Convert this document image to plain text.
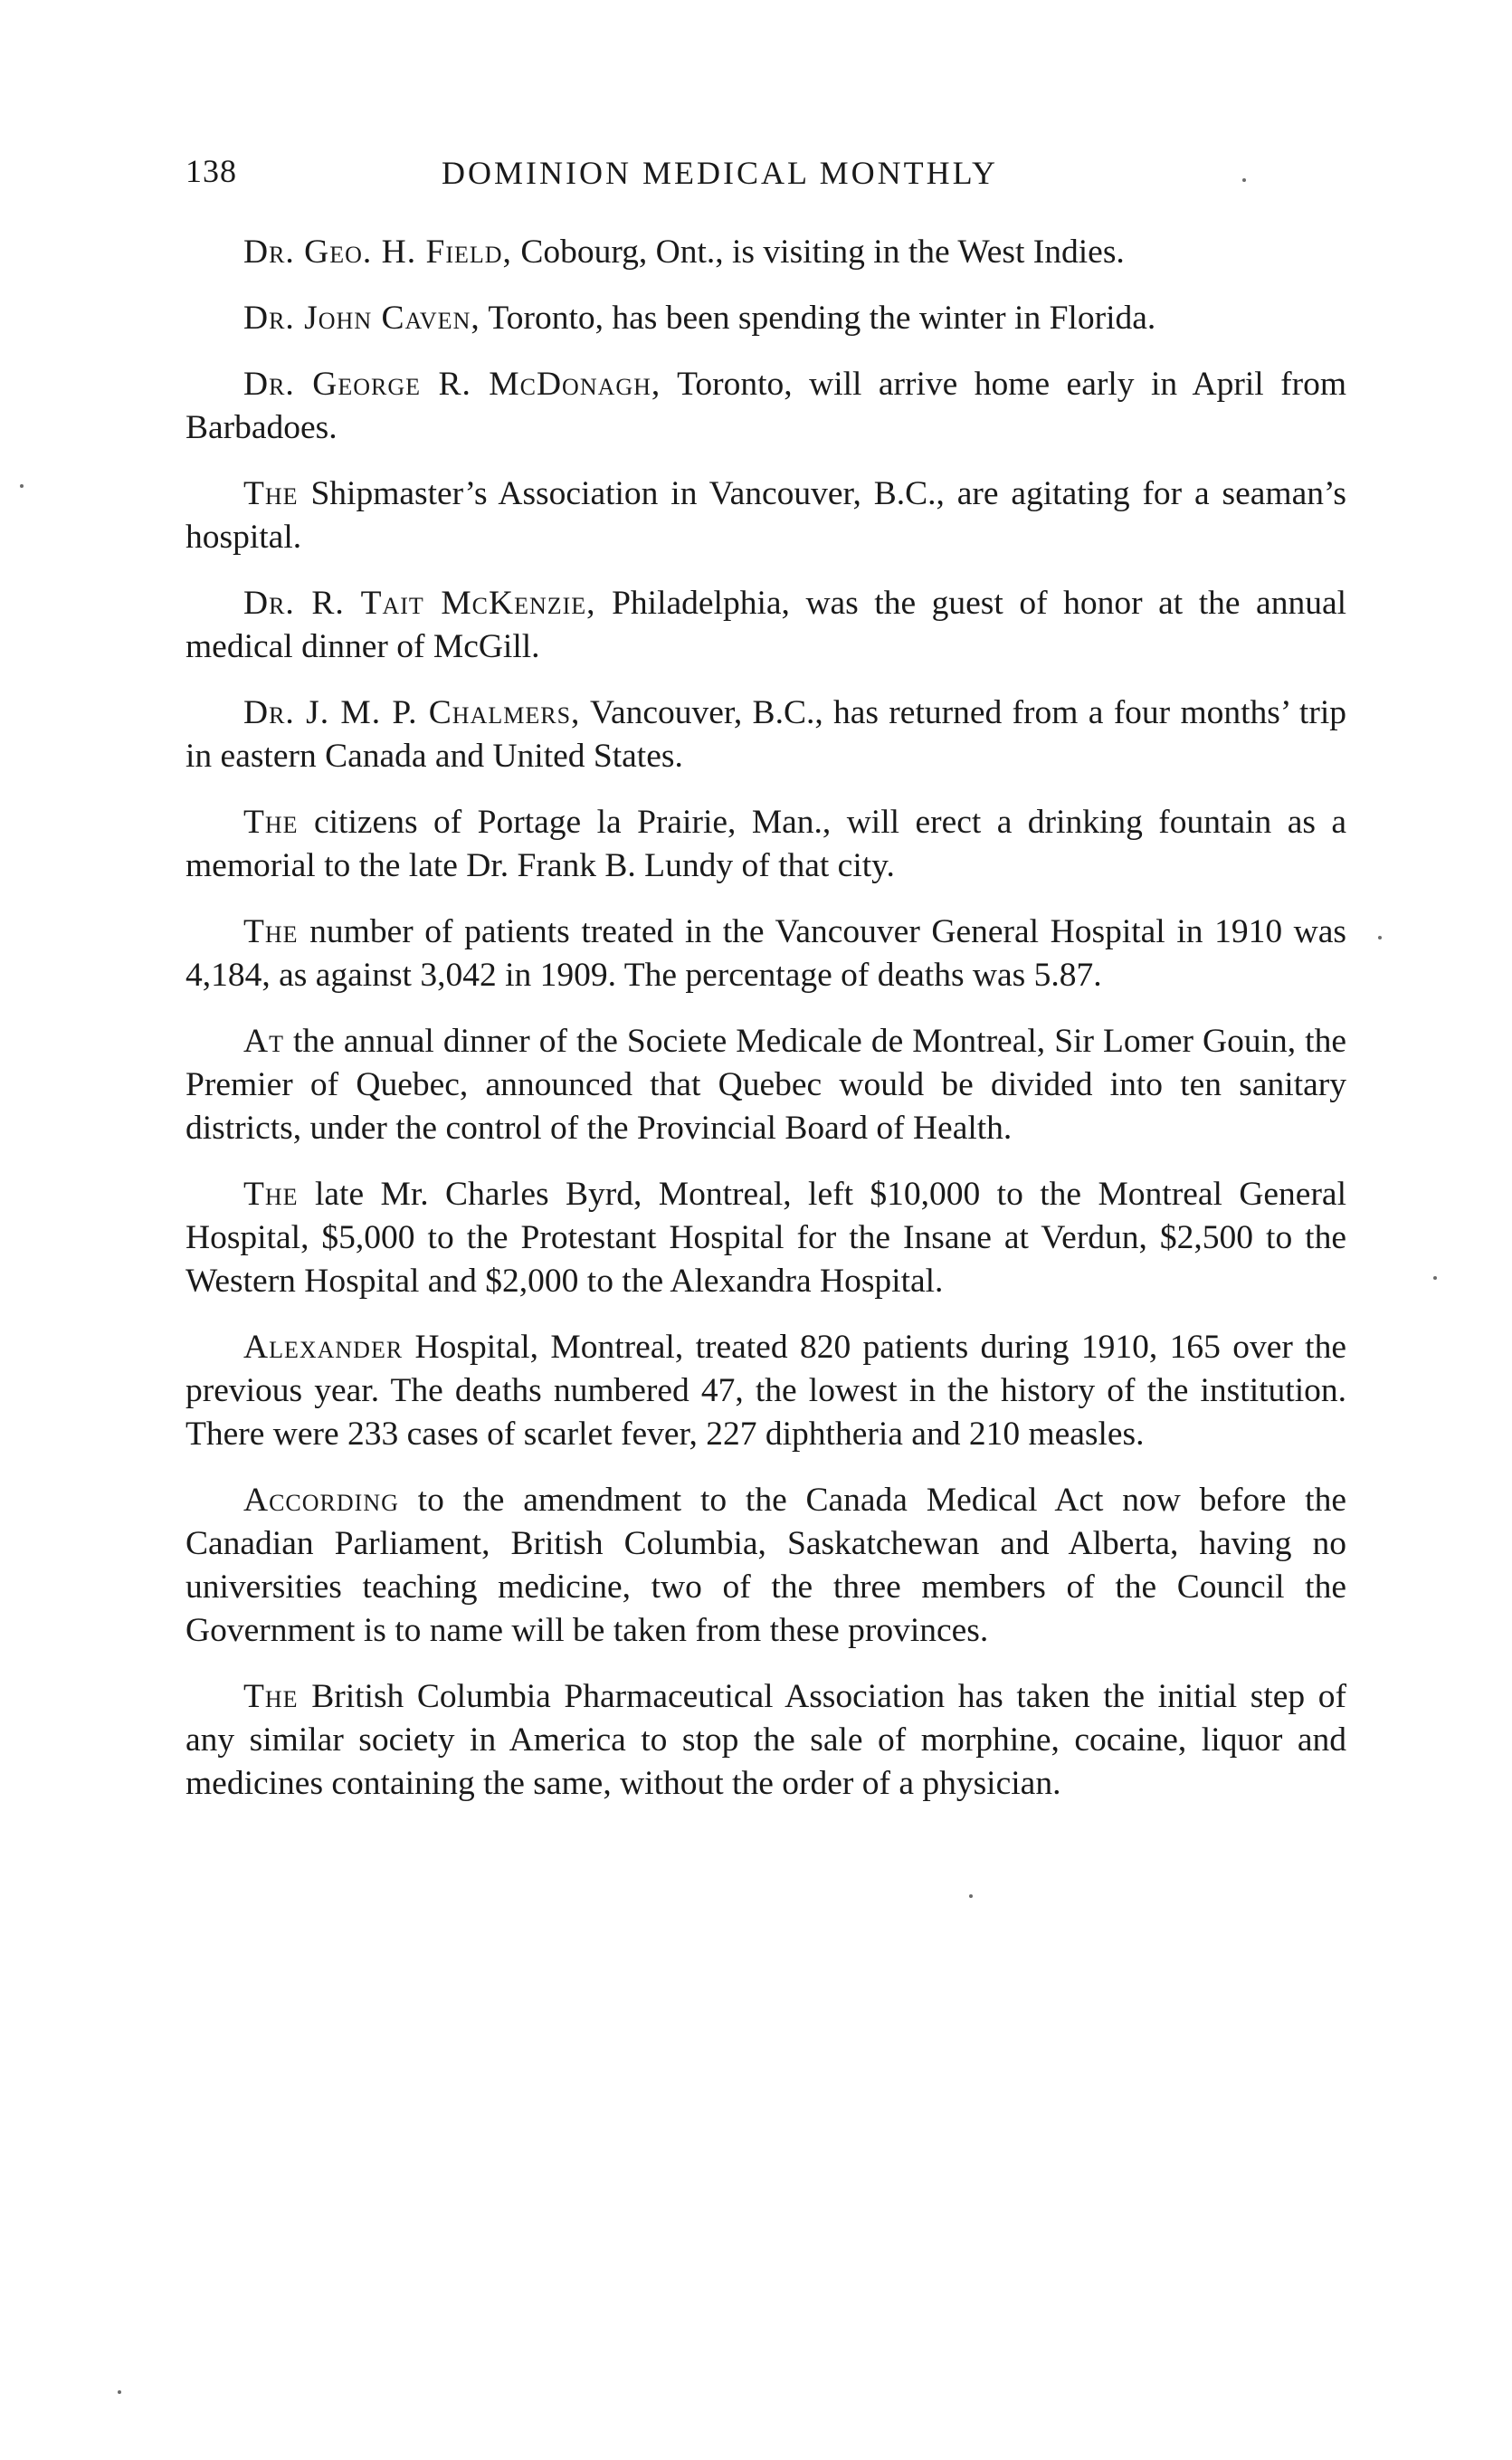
138	DOMINION MEDICAL MONTHLY

Dr. Geo. H. Field, Cobourg, Ont., is visiting in the West Indies.

Dr. John Caven, Toronto, has been spending the winter in Florida.

Dr. George R. McDonagh, Toronto, will arrive home early in April from Barbadoes.

The Shipmaster’s Association in Vancouver, B.C., are agitating for a seaman’s hospital.

Dr. R. Tait McKenzie, Philadelphia, was the guest of honor at the annual medical dinner of McGill.

Dr. J. M. P. Chalmers, Vancouver, B.C., has returned from a four months’ trip in eastern Canada and United States.

The citizens of Portage la Prairie, Man., will erect a drinking fountain as a memorial to the late Dr. Frank B. Lundy of that city.

The number of patients treated in the Vancouver General Hospital in 1910 was 4,184, as against 3,042 in 1909. The percentage of deaths was 5.87.

At the annual dinner of the Societe Medicale de Montreal, Sir Lomer Gouin, the Premier of Quebec, announced that Quebec would be divided into ten sanitary districts, under the control of the Provincial Board of Health.

The late Mr. Charles Byrd, Montreal, left $10,000 to the Montreal General Hospital, $5,000 to the Protestant Hospital for the Insane at Verdun, $2,500 to the Western Hospital and $2,000 to the Alexandra Hospital.

Alexander Hospital, Montreal, treated 820 patients during 1910, 165 over the previous year. The deaths numbered 47, the lowest in the history of the institution. There were 233 cases of scarlet fever, 227 diphtheria and 210 measles.

According to the amendment to the Canada Medical Act now before the Canadian Parliament, British Columbia, Saskatchewan and Alberta, having no universities teaching medicine, two of the three members of the Council the Government is to name will be taken from these provinces.

The British Columbia Pharmaceutical Association has taken the initial step of any similar society in America to stop the sale of morphine, cocaine, liquor and medicines containing the same, without the order of a physician.
